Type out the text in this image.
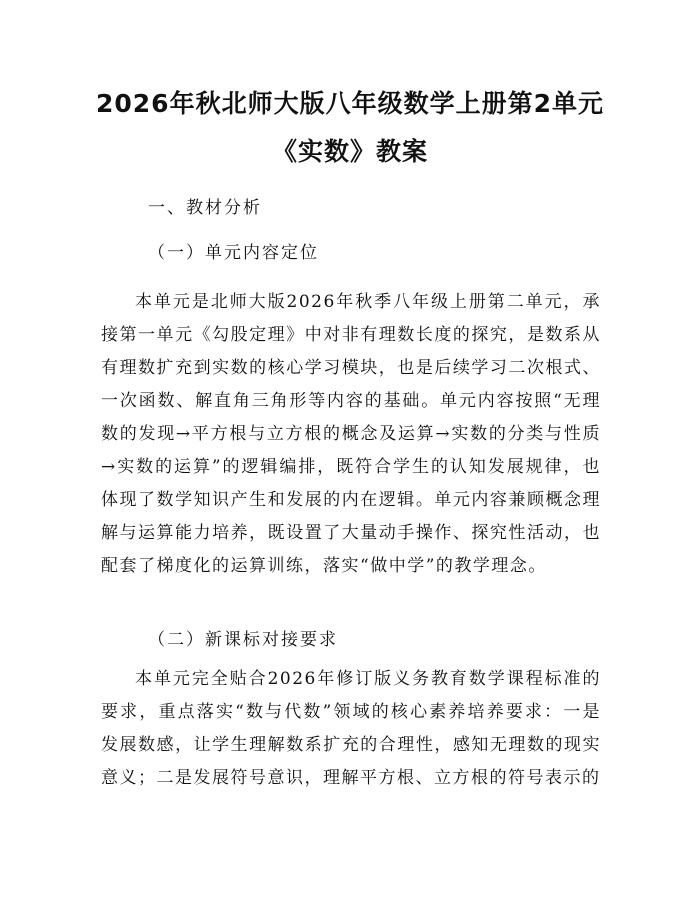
2026年秋北师大版八年级数学上册第2单元
《实数》教案
一、教材分析
（一）单元内容定位

本单元是北师大版2026年秋季八年级上册第二单元，承接第一单元《勾股定理》中对非有理数长度的探究，是数系从有理数扩充到实数的核心学习模块，也是后续学习二次根式、一次函数、解直角三角形等内容的基础。单元内容按照“无理数的发现→平方根与立方根的概念及运算→实数的分类与性质→实数的运算”的逻辑编排，既符合学生的认知发展规律，也体现了数学知识产生和发展的内在逻辑。单元内容兼顾概念理解与运算能力培养，既设置了大量动手操作、探究性活动，也配套了梯度化的运算训练，落实“做中学”的教学理念。

（二）新课标对接要求

本单元完全贴合2026年修订版义务教育数学课程标准的要求，重点落实“数与代数”领域的核心素养培养要求：一是发展数感，让学生理解数系扩充的合理性，感知无理数的现实意义；二是发展符号意识，理解平方根、立方根的符号表示的
